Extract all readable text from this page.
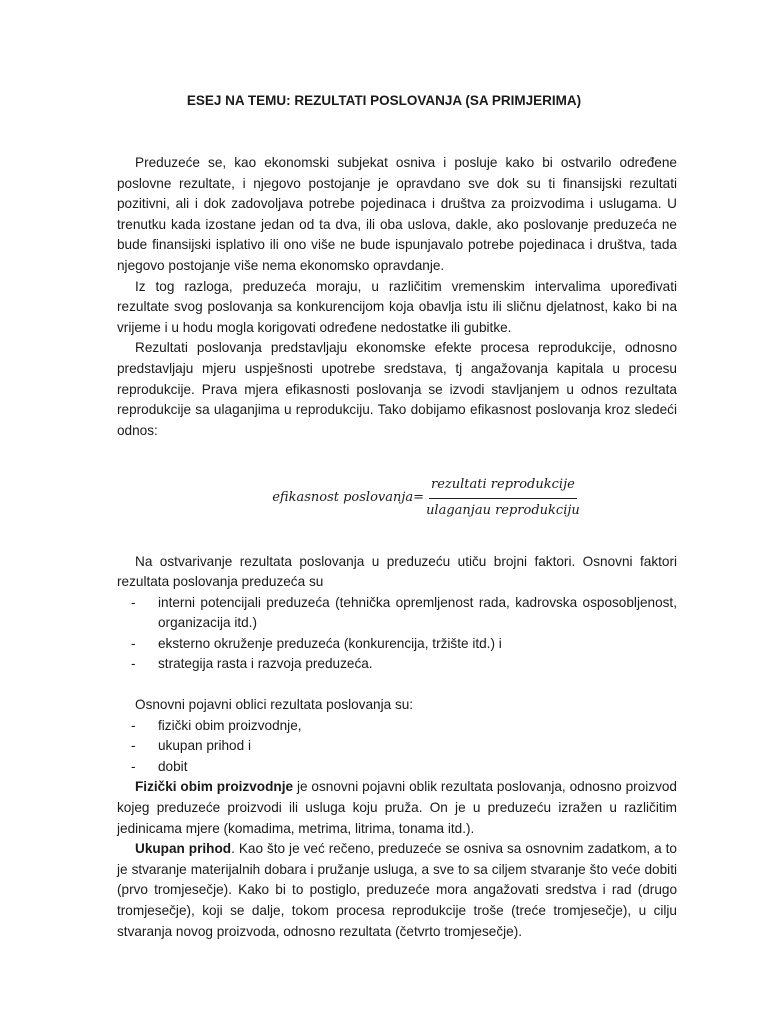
ESEJ NA TEMU: REZULTATI POSLOVANJA (SA PRIMJERIMA)

Preduzeće se, kao ekonomski subjekat osniva i posluje kako bi ostvarilo određene poslovne rezultate, i njegovo postojanje je opravdano sve dok su ti finansijski rezultati pozitivni, ali i dok zadovoljava potrebe pojedinaca i društva za proizvodima i uslugama. U trenutku kada izostane jedan od ta dva, ili oba uslova, dakle, ako poslovanje preduzeća ne bude finansijski isplativo ili ono više ne bude ispunjavalo potrebe pojedinaca i društva, tada njegovo postojanje više nema ekonomsko opravdanje.

Iz tog razloga, preduzeća moraju, u različitim vremenskim intervalima upoređivati rezultate svog poslovanja sa konkurencijom koja obavlja istu ili sličnu djelatnost, kako bi na vrijeme i u hodu mogla korigovati određene nedostatke ili gubitke.

Rezultati poslovanja predstavljaju ekonomske efekte procesa reprodukcije, odnosno predstavljaju mjeru uspješnosti upotrebe sredstava, tj angažovanja kapitala u procesu reprodukcije. Prava mjera efikasnosti poslovanja se izvodi stavljanjem u odnos rezultata reprodukcije sa ulaganjima u reprodukciju. Tako dobijamo efikasnost poslovanja kroz sledeći odnos:

efikasnost poslovanja= $\frac{\text{rezultati reprodukcije}}{\text{ulaganjau reprodukciju}}$

Na ostvarivanje rezultata poslovanja u preduzeću utiču brojni faktori. Osnovni faktori rezultata poslovanja preduzeća su

- interni potencijali preduzeća (tehnička opremljenost rada, kadrovska osposobljenost, organizacija itd.)
- eksterno okruženje preduzeća (konkurencija, tržište itd.) i
- strategija rasta i razvoja preduzeća.

Osnovni pojavni oblici rezultata poslovanja su:

- fizički obim proizvodnje,
- ukupan prihod i
- dobit

Fizički obim proizvodnje je osnovni pojavni oblik rezultata poslovanja, odnosno proizvod kojeg preduzeće proizvodi ili usluga koju pruža. On je u preduzeću izražen u različitim jedinicama mjere (komadima, metrima, litrima, tonama itd.).

Ukupan prihod. Kao što je već rečeno, preduzeće se osniva sa osnovnim zadatkom, a to je stvaranje materijalnih dobara i pružanje usluga, a sve to sa ciljem stvaranje što veće dobiti (prvo tromjesečje). Kako bi to postiglo, preduzeće mora angažovati sredstva i rad (drugo tromjesečje), koji se dalje, tokom procesa reprodukcije troše (treće tromjesečje), u cilju stvaranja novog proizvoda, odnosno rezultata (četvrto tromjesečje).
